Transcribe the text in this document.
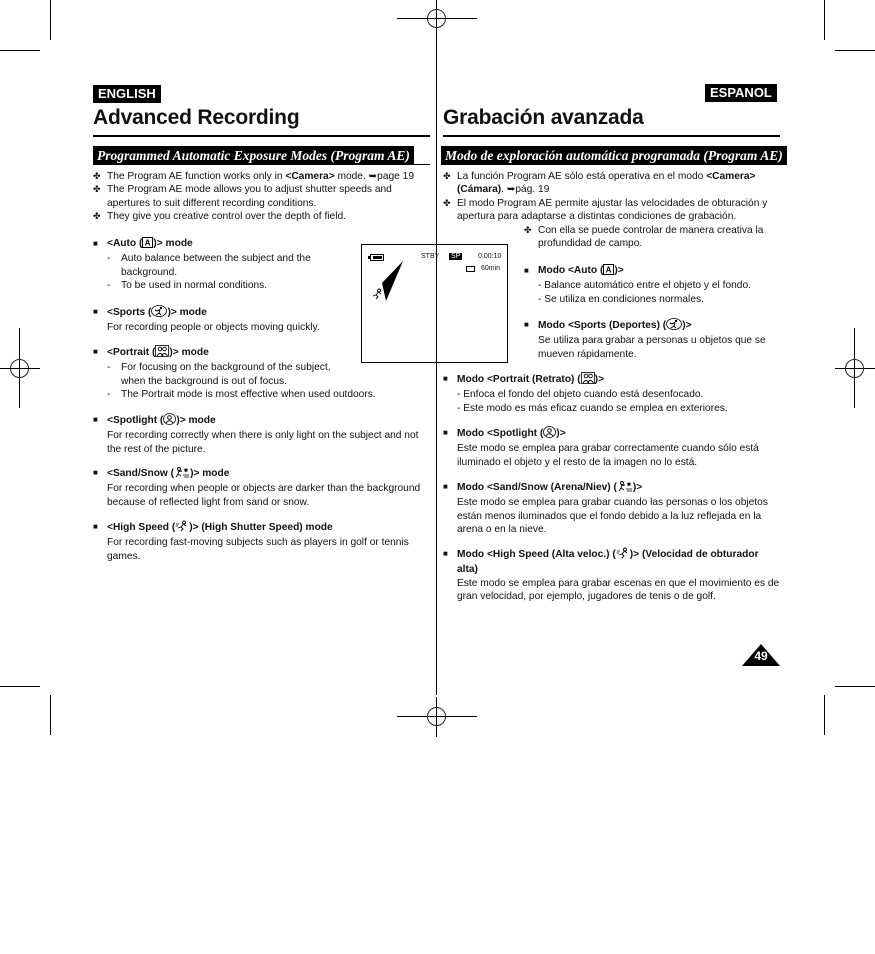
ENGLISH
Advanced Recording
Programmed Automatic Exposure Modes (Program AE)
✤ The Program AE function works only in <Camera> mode. ➥page 19
✤ The Program AE mode allows you to adjust shutter speeds and apertures to suit different recording conditions.
✤ They give you creative control over the depth of field.
■ <Auto ( A )> mode
-	Auto balance between the subject and the background.
-	To be used in normal conditions.
■ <Sports ( )> mode
For recording people or objects moving quickly.
■ <Portrait ( )> mode
-	For focusing on the background of the subject, when the background is out of focus.
-	The Portrait mode is most effective when used outdoors.
■ <Spotlight ( )> mode
For recording correctly when there is only light on the subject and not the rest of the picture.
■ <Sand/Snow ( ✱ )> mode
For recording when people or objects are darker than the background because of reflected light from sand or snow.
■ <High Speed ( )> (High Shutter Speed) mode
For recording fast-moving subjects such as players in golf or tennis games.
STBY SP	0:00:10
60min
ESPANOL
Grabación avanzada
Modo de exploración automática programada (Program AE)
✤ La función Program AE sólo está operativa en el modo <Camera> (Cámara). ➥pág. 19
✤ El modo Program AE permite ajustar las velocidades de obturación y apertura para adaptarse a distintas condiciones de grabación.
✤ Con ella se puede controlar de manera creativa la profundidad de campo.
■ Modo <Auto ( A )>
- Balance automático entre el objeto y el fondo.
- Se utiliza en condiciones normales.
■ Modo <Sports (Deportes) ( )>
Se utiliza para grabar a personas u objetos que se mueven rápidamente.
■ Modo <Portrait (Retrato) ( )>
- Enfoca el fondo del objeto cuando está desenfocado.
- Este modo es más eficaz cuando se emplea en exteriores.
■ Modo <Spotlight ( )>
Este modo se emplea para grabar correctamente cuando sólo está iluminado el objeto y el resto de la imagen no lo está.
■ Modo <Sand/Snow (Arena/Niev) ( ✱ )>
Este modo se emplea para grabar cuando las personas o los objetos están menos iluminados que el fondo debido a la luz reflejada en la arena o en la nieve.
■ Modo <High Speed (Alta veloc.) ( )> (Velocidad de obturador alta)
Este modo se emplea para grabar escenas en que el movimiento es de gran velocidad, por ejemplo, jugadores de tenis o de golf.
49
